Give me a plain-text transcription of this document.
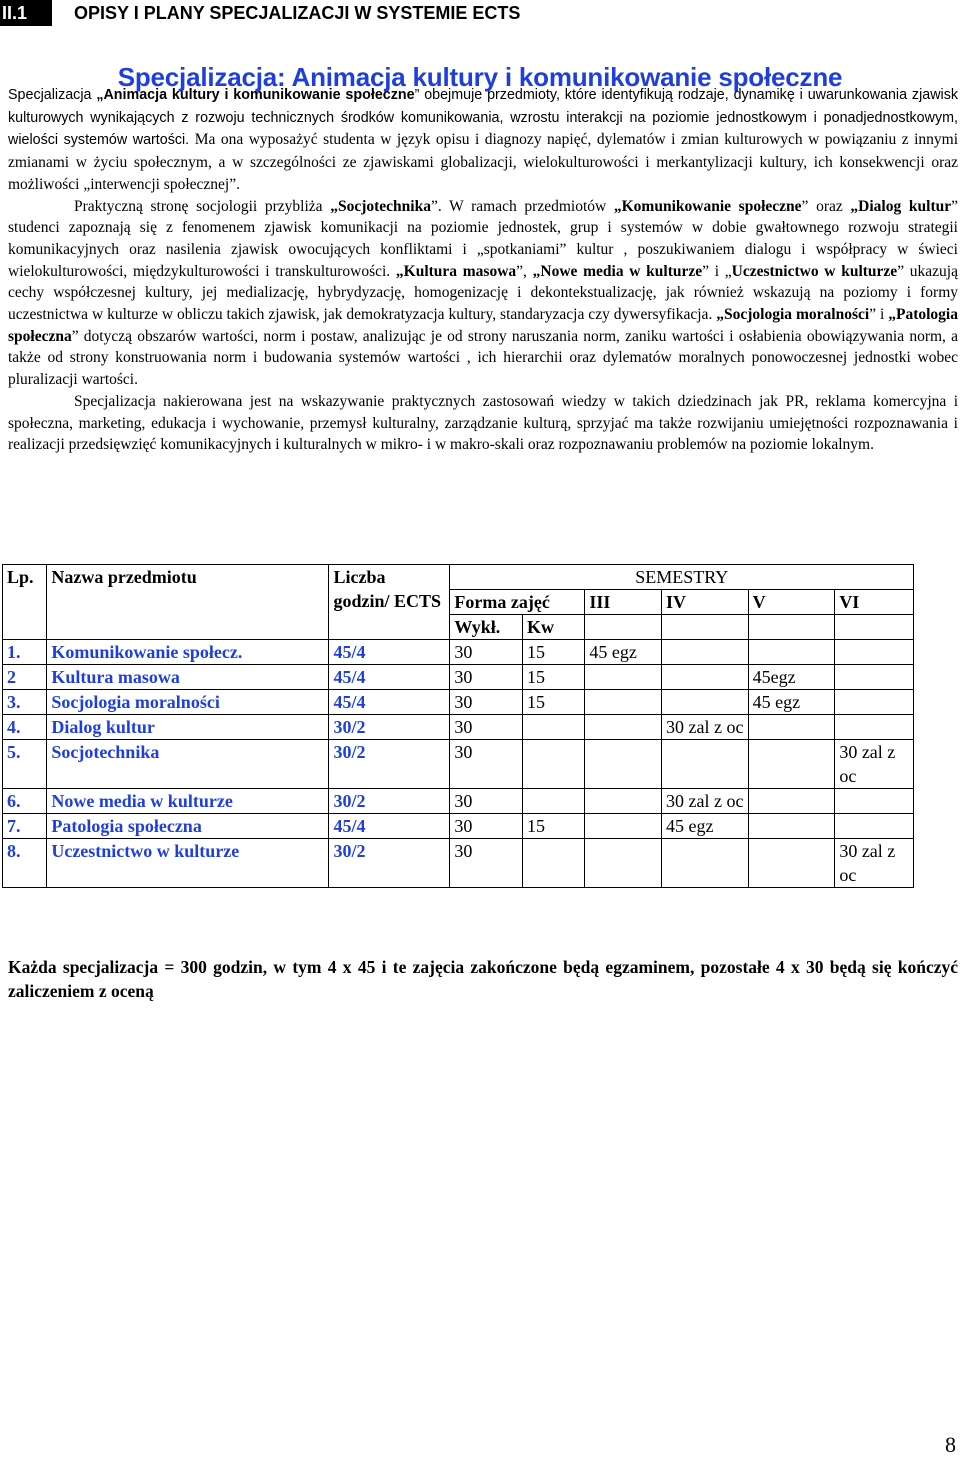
II.1	OPISY I PLANY SPECJALIZACJI W SYSTEMIE ECTS
Specjalizacja: Animacja kultury i komunikowanie społeczne

Specjalizacja „Animacja kultury i komunikowanie społeczne” obejmuje przedmioty, które identyfikują rodzaje, dynamikę i uwarunkowania zjawisk kulturowych wynikających z rozwoju technicznych środków komunikowania, wzrostu interakcji na poziomie jednostkowym i ponadjednostkowym, wielości systemów wartości. Ma ona wyposażyć studenta w język opisu i diagnozy napięć, dylematów i zmian kulturowych w powiązaniu z innymi zmianami w życiu społecznym, a w szczególności ze zjawiskami globalizacji, wielokulturowości i merkantylizacji kultury, ich konsekwencji oraz możliwości „interwencji społecznej”.

Praktyczną stronę socjologii przybliża „Socjotechnika”. W ramach przedmiotów „Komunikowanie społeczne” oraz „Dialog kultur” studenci zapoznają się z fenomenem zjawisk komunikacji na poziomie jednostek, grup i systemów w dobie gwałtownego rozwoju strategii komunikacyjnych oraz nasilenia zjawisk owocujących konfliktami i „spotkaniami” kultur , poszukiwaniem dialogu i współpracy w świeci wielokulturowości, międzykulturowości i transkulturowości. „Kultura masowa”, „Nowe media w kulturze” i „Uczestnictwo w kulturze” ukazują cechy współczesnej kultury, jej medializację, hybrydyzację, homogenizację i dekontekstualizację, jak również wskazują na poziomy i formy uczestnictwa w kulturze w obliczu takich zjawisk, jak demokratyzacja kultury, standaryzacja czy dywersyfikacja. „Socjologia moralności” i „Patologia społeczna” dotyczą obszarów wartości, norm i postaw, analizując je od strony naruszania norm, zaniku wartości i osłabienia obowiązywania norm, a także od strony konstruowania norm i budowania systemów wartości , ich hierarchii oraz dylematów moralnych ponowoczesnej jednostki wobec pluralizacji wartości.

Specjalizacja nakierowana jest na wskazywanie praktycznych zastosowań wiedzy w takich dziedzinach jak PR, reklama komercyjna i społeczna, marketing, edukacja i wychowanie, przemysł kulturalny, zarządzanie kulturą, sprzyjać ma także rozwijaniu umiejętności rozpoznawania i realizacji przedsięwzięć komunikacyjnych i kulturalnych w mikro- i w makro-skali oraz rozpoznawaniu problemów na poziomie lokalnym.

Lp.	Nazwa przedmiotu	Liczba godzin/ ECTS	SEMESTRY					
			Forma zajęć		III	IV	V	VI
			Wykł.	Kw				
1.	Komunikowanie społecz.	45/4	30	15	45 egz			
2	Kultura masowa	45/4	30	15			45egz	
3.	Socjologia moralności	45/4	30	15			45 egz	
4.	Dialog kultur	30/2	30			30 zal z oc		
5.	Socjotechnika	30/2	30					30 zal z oc
6.	Nowe media w kulturze	30/2	30			30 zal z oc		
7.	Patologia społeczna	45/4	30	15		45 egz		
8.	Uczestnictwo w kulturze	30/2	30					30 zal z oc
Każda specjalizacja = 300 godzin, w tym 4 x 45 i te zajęcia zakończone będą egzaminem, pozostałe 4 x 30 będą się kończyć zaliczeniem z oceną
8
